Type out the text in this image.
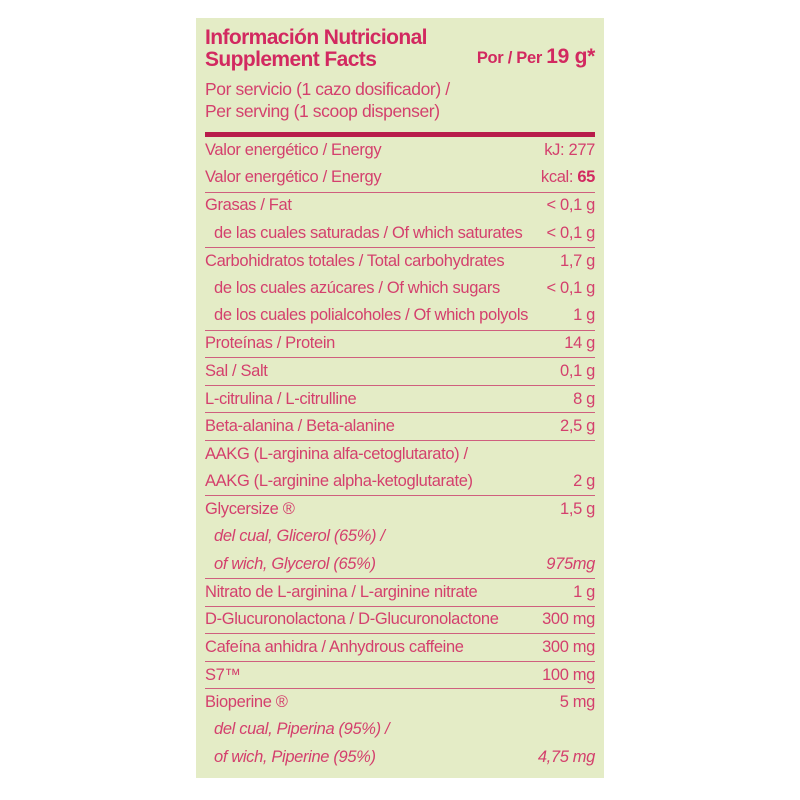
Información Nutricional
Supplement Facts	Por / Per 19 g*
Por servicio (1 cazo dosificador) /
Per serving (1 scoop dispenser)
Valor energético / Energy	kJ: 277
Valor energético / Energy	kcal: 65
Grasas / Fat	< 0,1 g
de las cuales saturadas / Of which saturates < 0,1 g
Carbohidratos totales / Total carbohydrates	1,7 g
de los cuales azúcares / Of which sugars	< 0,1 g
de los cuales polialcoholes / Of which polyols	1 g
Proteínas / Protein	14 g
Sal / Salt	0,1 g
L-citrulina / L-citrulline	8 g
Beta-alanina / Beta-alanine	2,5 g
AAKG (L-arginina alfa-cetoglutarato) /
AAKG (L-arginine alpha-ketoglutarate)	2 g
Glycersize ®	1,5 g
del cual, Glicerol (65%) /
of wich, Glycerol (65%)	975mg
Nitrato de L-arginina / L-arginine nitrate	1 g
D-Glucuronolactona / D-Glucuronolactone	300 mg
Cafeína anhidra / Anhydrous caffeine	300 mg
S7™	100 mg
Bioperine ®	5 mg
del cual, Piperina (95%) /
of wich, Piperine (95%)	4,75 mg
